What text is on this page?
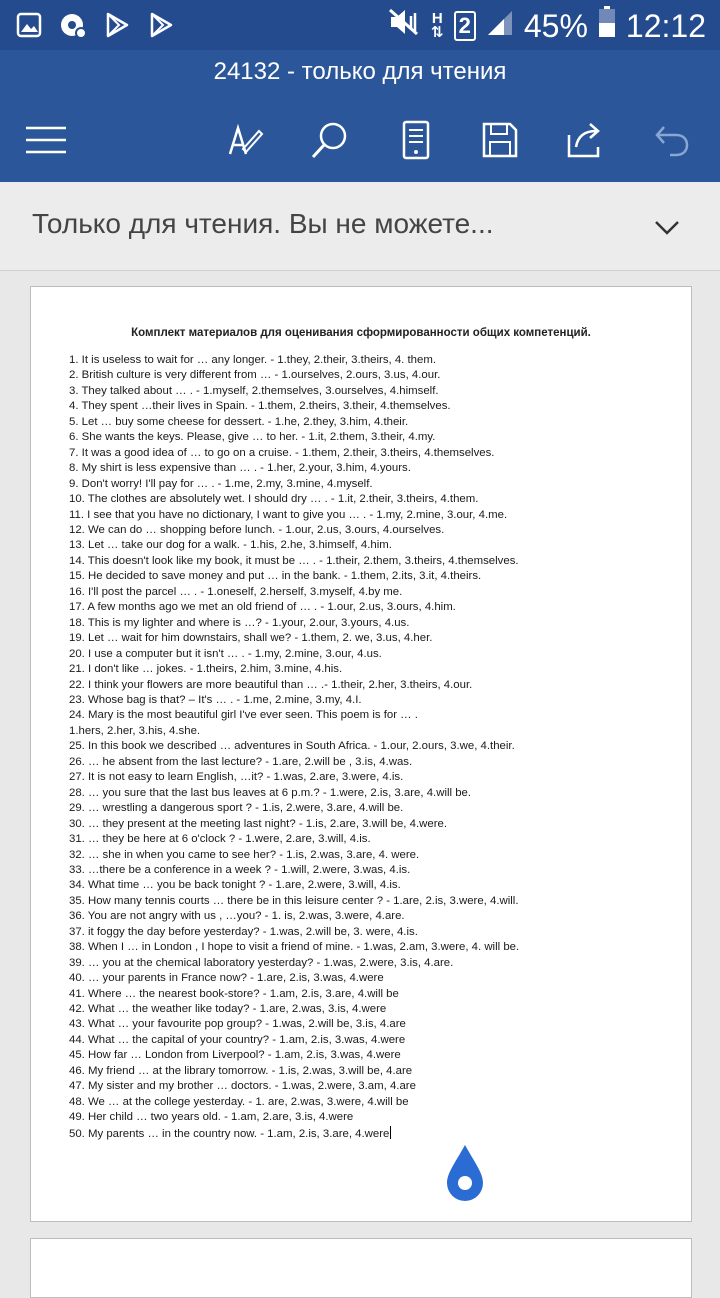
H
⇅ 2 45% 12:12
24132 - только для чтения
Только для чтения. Вы не можете...
Комплект материалов для оценивания сформированности общих компетенций.
1. It is useless to wait for … any longer. - 1.they, 2.their, 3.theirs, 4. them.
2. British culture is very different from … - 1.ourselves, 2.ours, 3.us, 4.our.
3. They talked about … . - 1.myself, 2.themselves, 3.ourselves, 4.himself.
4. They spent …their lives in Spain. - 1.them, 2.theirs, 3.their, 4.themselves.
5. Let … buy some cheese for dessert. - 1.he, 2.they, 3.him, 4.their.
6. She wants the keys. Please, give … to her. - 1.it, 2.them, 3.their, 4.my.
7. It was a good idea of … to go on a cruise. - 1.them, 2.their, 3.theirs, 4.themselves.
8. My shirt is less expensive than … . - 1.her, 2.your, 3.him, 4.yours.
9. Don't worry! I'll pay for … . - 1.me, 2.my, 3.mine, 4.myself.
10. The clothes are absolutely wet. I should dry … . - 1.it, 2.their, 3.theirs, 4.them.
11. I see that you have no dictionary, I want to give you … . - 1.my, 2.mine, 3.our, 4.me.
12. We can do … shopping before lunch. - 1.our, 2.us, 3.ours, 4.ourselves.
13. Let … take our dog for a walk. - 1.his, 2.he, 3.himself, 4.him.
14. This doesn't look like my book, it must be … . - 1.their, 2.them, 3.theirs, 4.themselves.
15. He decided to save money and put … in the bank. - 1.them, 2.its, 3.it, 4.theirs.
16. I'll post the parcel … . - 1.oneself, 2.herself, 3.myself, 4.by me.
17. A few months ago we met an old friend of … . - 1.our, 2.us, 3.ours, 4.him.
18. This is my lighter and where is …? - 1.your, 2.our, 3.yours, 4.us.
19. Let … wait for him downstairs, shall we? - 1.them, 2. we, 3.us, 4.her.
20. I use a computer but it isn't … . - 1.my, 2.mine, 3.our, 4.us.
21. I don't like … jokes. - 1.theirs, 2.him, 3.mine, 4.his.
22. I think your flowers are more beautiful than … .- 1.their, 2.her, 3.theirs, 4.our.
23. Whose bag is that? – It's … . - 1.me, 2.mine, 3.my, 4.I.
24. Mary is the most beautiful girl I've ever seen. This poem is for … .
1.hers, 2.her, 3.his, 4.she.
25. In this book we described … adventures in South Africa. - 1.our, 2.ours, 3.we, 4.their.
26. … he absent from the last lecture? - 1.are, 2.will be , 3.is, 4.was.
27. It is not easy to learn English, …it? - 1.was, 2.are, 3.were, 4.is.
28. … you sure that the last bus leaves at 6 p.m.? - 1.were, 2.is, 3.are, 4.will be.
29. … wrestling a dangerous sport ? - 1.is, 2.were, 3.are, 4.will be.
30. … they present at the meeting last night? - 1.is, 2.are, 3.will be, 4.were.
31. … they be here at 6 o'clock ? - 1.were, 2.are, 3.will, 4.is.
32. … she in when you came to see her? - 1.is, 2.was, 3.are, 4. were.
33. …there be a conference in a week ? - 1.will, 2.were, 3.was, 4.is.
34. What time … you be back tonight ? - 1.are, 2.were, 3.will, 4.is.
35. How many tennis courts … there be in this leisure center ? - 1.are, 2.is, 3.were, 4.will.
36. You are not angry with us , …you? - 1. is, 2.was, 3.were, 4.are.
37. it foggy the day before yesterday? - 1.was, 2.will be, 3. were, 4.is.
38. When I … in London , I hope to visit a friend of mine. - 1.was, 2.am, 3.were, 4. will be.
39. … you at the chemical laboratory yesterday? - 1.was, 2.were, 3.is, 4.are.
40. … your parents in France now? - 1.are, 2.is, 3.was, 4.were
41. Where … the nearest book-store? - 1.am, 2.is, 3.are, 4.will be
42. What … the weather like today? - 1.are, 2.was, 3.is, 4.were
43. What … your favourite pop group? - 1.was, 2.will be, 3.is, 4.are
44. What … the capital of your country? - 1.am, 2.is, 3.was, 4.were
45. How far … London from Liverpool? - 1.am, 2.is, 3.was, 4.were
46. My friend … at the library tomorrow. - 1.is, 2.was, 3.will be, 4.are
47. My sister and my brother … doctors. - 1.was, 2.were, 3.am, 4.are
48. We … at the college yesterday. - 1. are, 2.was, 3.were, 4.will be
49. Her child … two years old. - 1.am, 2.are, 3.is, 4.were
50. My parents … in the country now. - 1.am, 2.is, 3.are, 4.were
